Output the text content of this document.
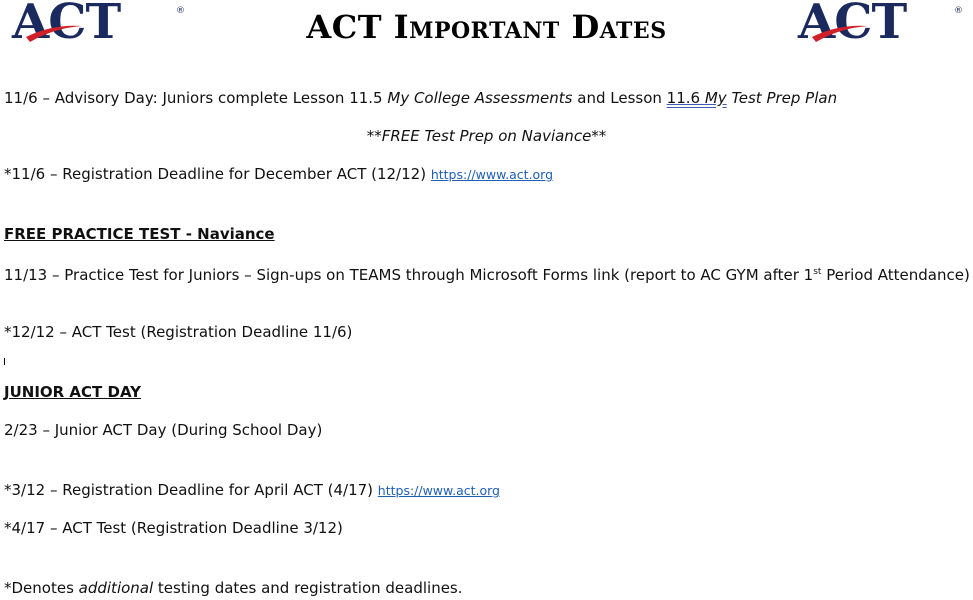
ACT	®	ACT Important Dates	ACT	®
11/6 – Advisory Day: Juniors complete Lesson 11.5 My College Assessments and Lesson 11.6 My Test Prep Plan
**FREE Test Prep on Naviance**
*11/6 – Registration Deadline for December ACT (12/12) https://www.act.org
FREE PRACTICE TEST - Naviance
11/13 – Practice Test for Juniors – Sign-ups on TEAMS through Microsoft Forms link (report to AC GYM after 1st Period Attendance)
*12/12 – ACT Test (Registration Deadline 11/6)
JUNIOR ACT DAY
2/23 – Junior ACT Day (During School Day)
*3/12 – Registration Deadline for April ACT (4/17) https://www.act.org
*4/17 – ACT Test (Registration Deadline 3/12)
*Denotes additional testing dates and registration deadlines.
